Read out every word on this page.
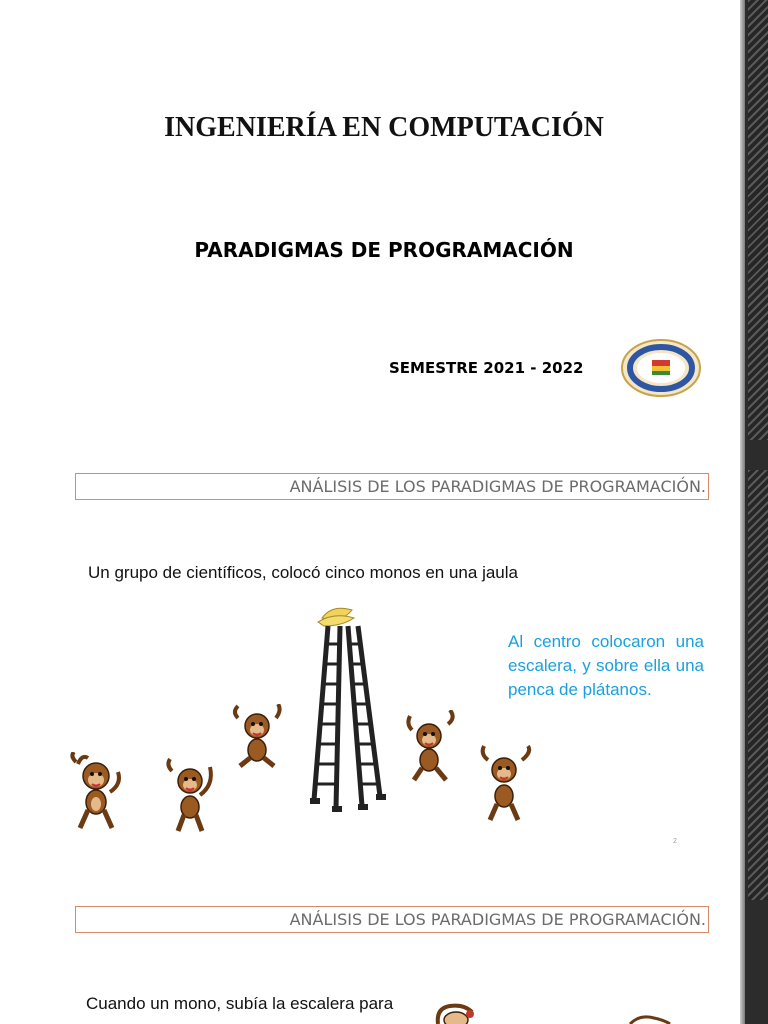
INGENIERÍA EN COMPUTACIÓN
PARADIGMAS DE PROGRAMACIÓN
SEMESTRE 2021 - 2022
ANÁLISIS DE LOS PARADIGMAS DE PROGRAMACIÓN.
Un grupo de científicos, colocó cinco monos en una jaula
Al centro colocaron una escalera, y sobre ella una penca de plátanos.
2
ANÁLISIS DE LOS PARADIGMAS DE PROGRAMACIÓN.
Cuando un mono, subía la escalera para
